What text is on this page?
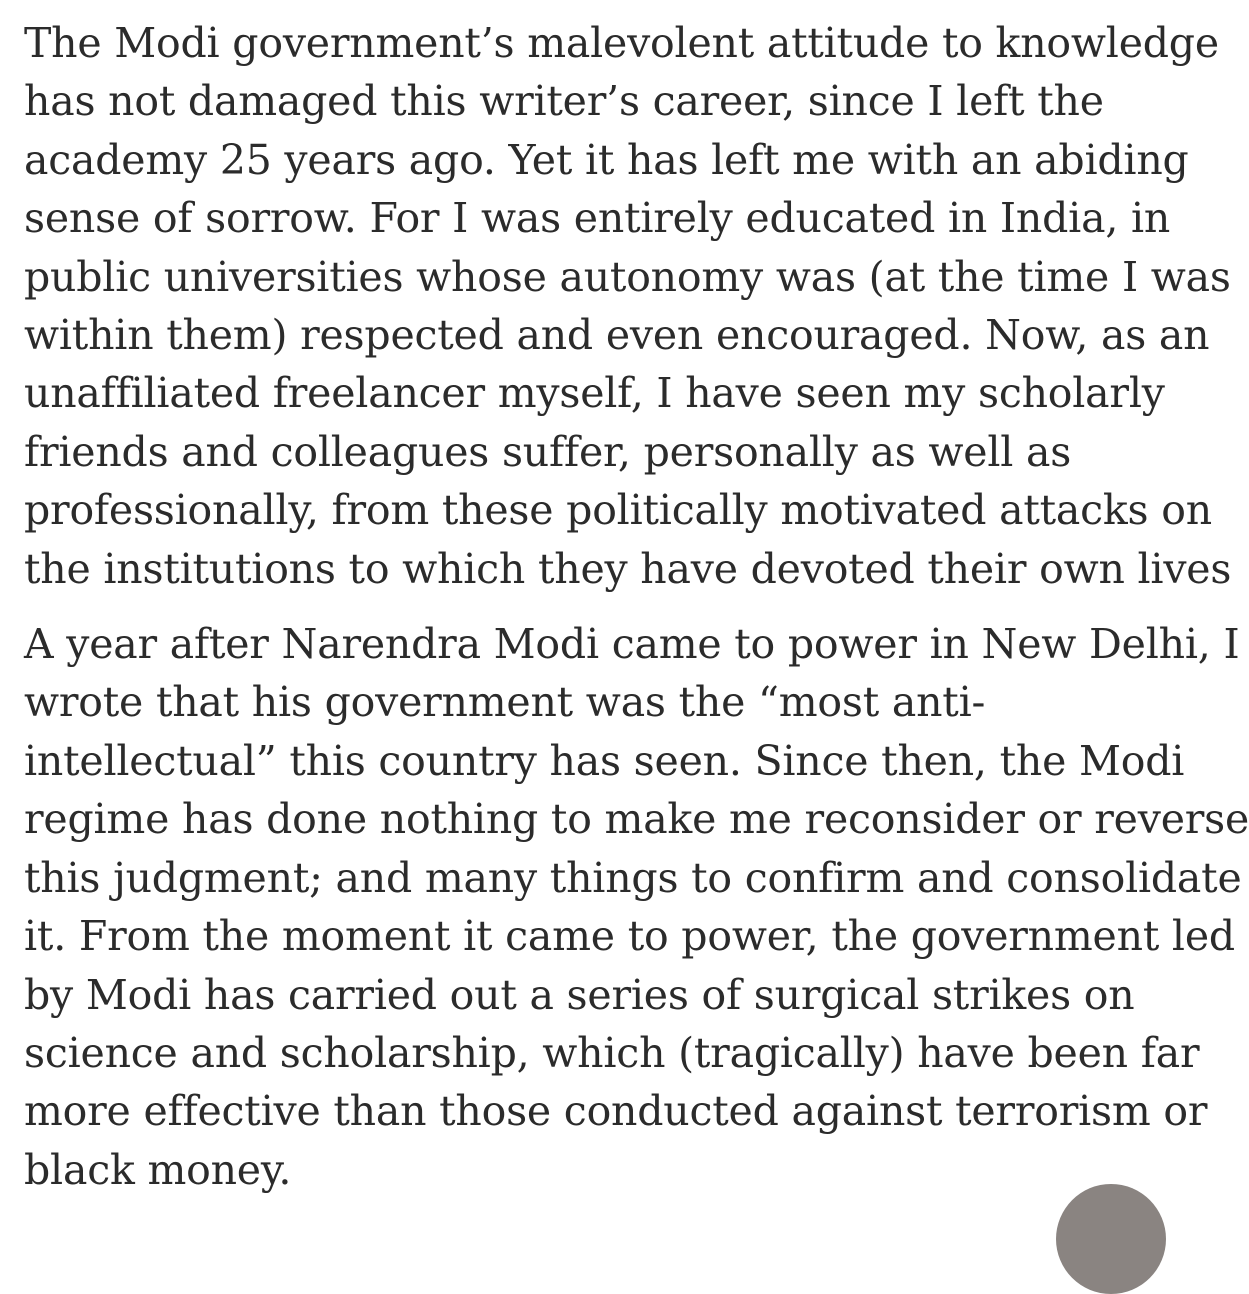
The Modi government’s malevolent attitude to knowledge
has not damaged this writer’s career, since I left the
academy 25 years ago. Yet it has left me with an abiding
sense of sorrow. For I was entirely educated in India, in
public universities whose autonomy was (at the time I was
within them) respected and even encouraged. Now, as an
unaffiliated freelancer myself, I have seen my scholarly
friends and colleagues suffer, personally as well as
professionally, from these politically motivated attacks on
the institutions to which they have devoted their own lives

A year after Narendra Modi came to power in New Delhi, I
wrote that his government was the “most anti-
intellectual” this country has seen. Since then, the Modi
regime has done nothing to make me reconsider or reverse
this judgment; and many things to confirm and consolidate
it. From the moment it came to power, the government led
by Modi has carried out a series of surgical strikes on
science and scholarship, which (tragically) have been far
more effective than those conducted against terrorism or
black money.
